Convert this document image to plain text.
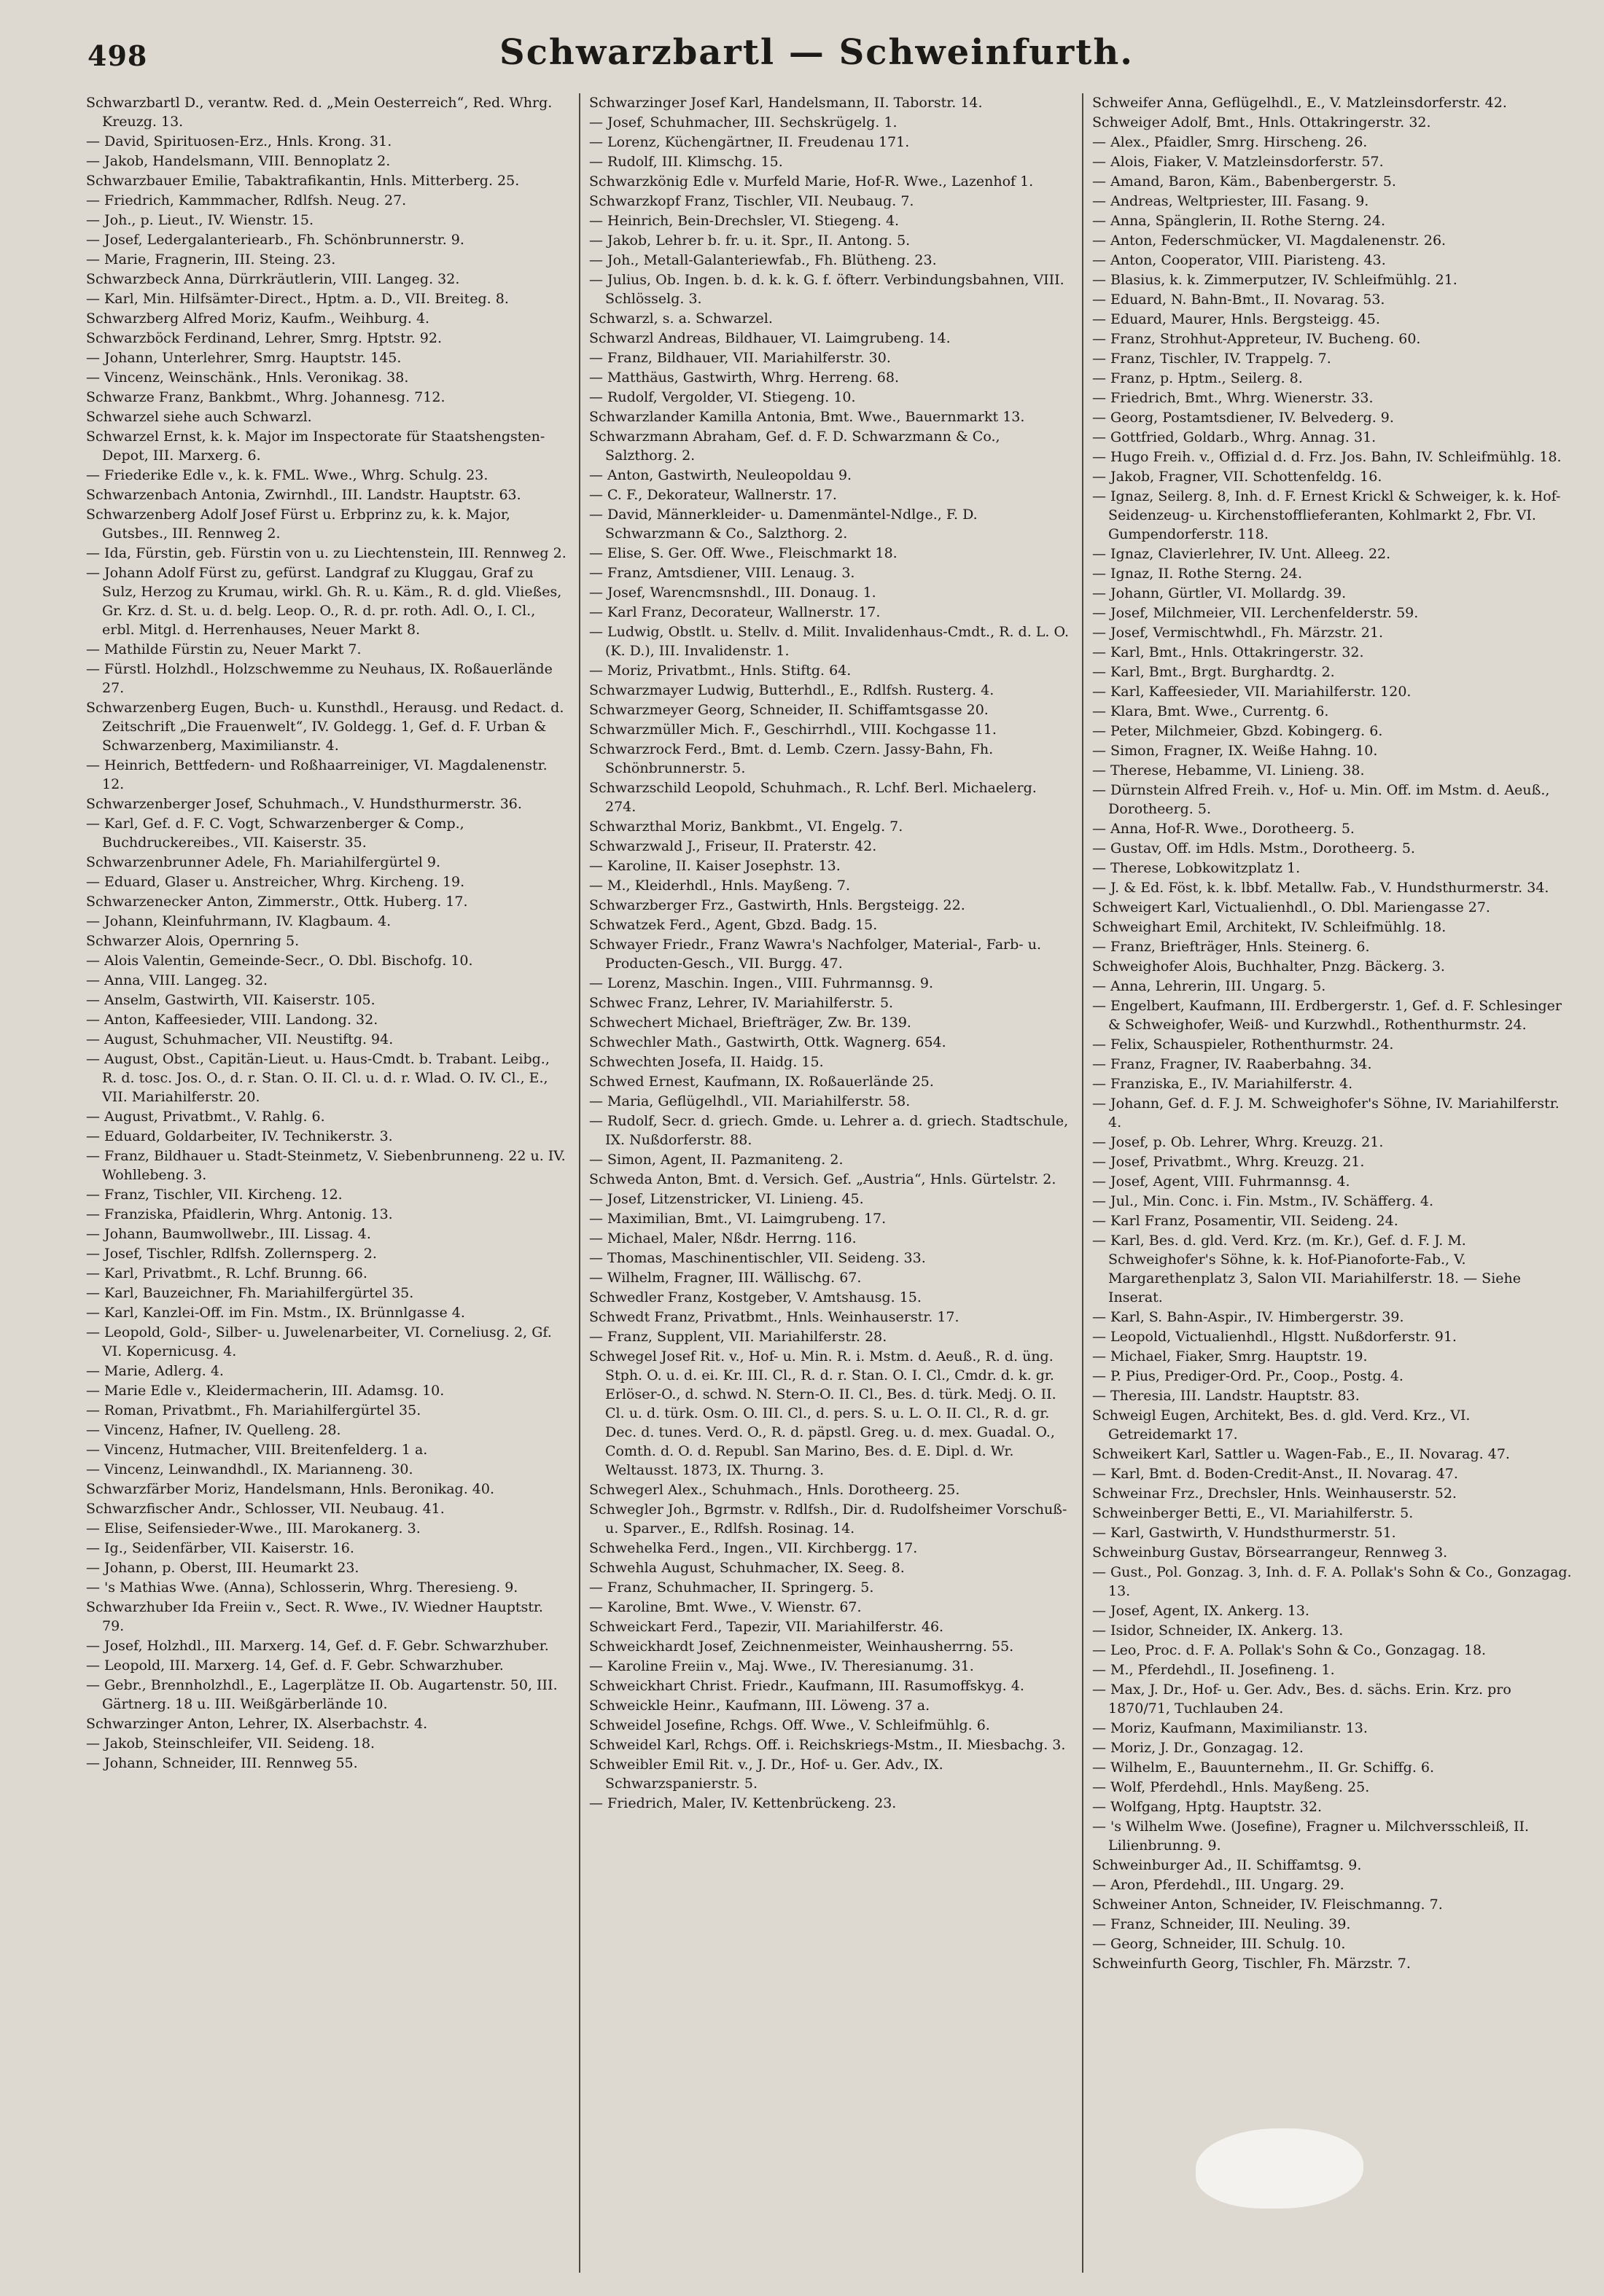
498	Schwarzbartl — Schweinfurth.

Schwarzbartl D., verantw. Red. d. „Mein Oesterreich“, Red. Whrg. Kreuzg. 13.

— David, Spirituosen-Erz., Hnls. Krong. 31.

— Jakob, Handelsmann, VIII. Bennoplatz 2.

Schwarzbauer Emilie, Tabaktrafikantin, Hnls. Mitterberg. 25.

— Friedrich, Kammmacher, Rdlfsh. Neug. 27.

— Joh., p. Lieut., IV. Wienstr. 15.

— Josef, Ledergalanteriearb., Fh. Schönbrunnerstr. 9.

— Marie, Fragnerin, III. Steing. 23.

Schwarzbeck Anna, Dürrkräutlerin, VIII. Langeg. 32.

— Karl, Min. Hilfsämter-Direct., Hptm. a. D., VII. Breiteg. 8.

Schwarzberg Alfred Moriz, Kaufm., Weihburg. 4.

Schwarzböck Ferdinand, Lehrer, Smrg. Hptstr. 92.

— Johann, Unterlehrer, Smrg. Hauptstr. 145.

— Vincenz, Weinschänk., Hnls. Veronikag. 38.

Schwarze Franz, Bankbmt., Whrg. Johannesg. 712.

Schwarzel siehe auch Schwarzl.

Schwarzel Ernst, k. k. Major im Inspectorate für Staatshengsten-Depot, III. Marxerg. 6.

— Friederike Edle v., k. k. FML. Wwe., Whrg. Schulg. 23.

Schwarzenbach Antonia, Zwirnhdl., III. Landstr. Hauptstr. 63.

Schwarzenberg Adolf Josef Fürst u. Erbprinz zu, k. k. Major, Gutsbes., III. Rennweg 2.

— Ida, Fürstin, geb. Fürstin von u. zu Liechtenstein, III. Rennweg 2.

— Johann Adolf Fürst zu, gefürst. Landgraf zu Kluggau, Graf zu Sulz, Herzog zu Krumau, wirkl. Gh. R. u. Käm., R. d. gld. Vließes, Gr. Krz. d. St. u. d. belg. Leop. O., R. d. pr. roth. Adl. O., I. Cl., erbl. Mitgl. d. Herrenhauses, Neuer Markt 8.

— Mathilde Fürstin zu, Neuer Markt 7.

— Fürstl. Holzhdl., Holzschwemme zu Neuhaus, IX. Roßauerlände 27.

Schwarzenberg Eugen, Buch- u. Kunsthdl., Herausg. und Redact. d. Zeitschrift „Die Frauenwelt“, IV. Goldegg. 1, Gef. d. F. Urban & Schwarzenberg, Maximilianstr. 4.

— Heinrich, Bettfedern- und Roßhaarreiniger, VI. Magdalenenstr. 12.

Schwarzenberger Josef, Schuhmach., V. Hundsthurmerstr. 36.

— Karl, Gef. d. F. C. Vogt, Schwarzenberger & Comp., Buchdruckereibes., VII. Kaiserstr. 35.

Schwarzenbrunner Adele, Fh. Mariahilfergürtel 9.

— Eduard, Glaser u. Anstreicher, Whrg. Kircheng. 19.

Schwarzenecker Anton, Zimmerstr., Ottk. Huberg. 17.

— Johann, Kleinfuhrmann, IV. Klagbaum. 4.

Schwarzer Alois, Opernring 5.

— Alois Valentin, Gemeinde-Secr., O. Dbl. Bischofg. 10.

— Anna, VIII. Langeg. 32.

— Anselm, Gastwirth, VII. Kaiserstr. 105.

— Anton, Kaffeesieder, VIII. Landong. 32.

— August, Schuhmacher, VII. Neustiftg. 94.

— August, Obst., Capitän-Lieut. u. Haus-Cmdt. b. Trabant. Leibg., R. d. tosc. Jos. O., d. r. Stan. O. II. Cl. u. d. r. Wlad. O. IV. Cl., E., VII. Mariahilferstr. 20.

— August, Privatbmt., V. Rahlg. 6.

— Eduard, Goldarbeiter, IV. Technikerstr. 3.

— Franz, Bildhauer u. Stadt-Steinmetz, V. Siebenbrunneng. 22 u. IV. Wohllebeng. 3.

— Franz, Tischler, VII. Kircheng. 12.

— Franziska, Pfaidlerin, Whrg. Antonig. 13.

— Johann, Baumwollwebr., III. Lissag. 4.

— Josef, Tischler, Rdlfsh. Zollernsperg. 2.

— Karl, Privatbmt., R. Lchf. Brunng. 66.

— Karl, Bauzeichner, Fh. Mariahilfergürtel 35.

— Karl, Kanzlei-Off. im Fin. Mstm., IX. Brünnlgasse 4.

— Leopold, Gold-, Silber- u. Juwelenarbeiter, VI. Corneliusg. 2, Gf. VI. Kopernicusg. 4.

— Marie, Adlerg. 4.

— Marie Edle v., Kleidermacherin, III. Adamsg. 10.

— Roman, Privatbmt., Fh. Mariahilfergürtel 35.

— Vincenz, Hafner, IV. Quelleng. 28.

— Vincenz, Hutmacher, VIII. Breitenfelderg. 1 a.

— Vincenz, Leinwandhdl., IX. Marianneng. 30.

Schwarzfärber Moriz, Handelsmann, Hnls. Beronikag. 40.

Schwarzfischer Andr., Schlosser, VII. Neubaug. 41.

— Elise, Seifensieder-Wwe., III. Marokanerg. 3.

— Ig., Seidenfärber, VII. Kaiserstr. 16.

— Johann, p. Oberst, III. Heumarkt 23.

— 's Mathias Wwe. (Anna), Schlosserin, Whrg. Theresieng. 9.

Schwarzhuber Ida Freiin v., Sect. R. Wwe., IV. Wiedner Hauptstr. 79.

— Josef, Holzhdl., III. Marxerg. 14, Gef. d. F. Gebr. Schwarzhuber.

— Leopold, III. Marxerg. 14, Gef. d. F. Gebr. Schwarzhuber.

— Gebr., Brennholzhdl., E., Lagerplätze II. Ob. Augartenstr. 50, III. Gärtnerg. 18 u. III. Weißgärberlände 10.

Schwarzinger Anton, Lehrer, IX. Alserbachstr. 4.

— Jakob, Steinschleifer, VII. Seideng. 18.

— Johann, Schneider, III. Rennweg 55.

Schwarzinger Josef Karl, Handelsmann, II. Taborstr. 14.

— Josef, Schuhmacher, III. Sechskrügelg. 1.

— Lorenz, Küchengärtner, II. Freudenau 171.

— Rudolf, III. Klimschg. 15.

Schwarzkönig Edle v. Murfeld Marie, Hof-R. Wwe., Lazenhof 1.

Schwarzkopf Franz, Tischler, VII. Neubaug. 7.

— Heinrich, Bein-Drechsler, VI. Stiegeng. 4.

— Jakob, Lehrer b. fr. u. it. Spr., II. Antong. 5.

— Joh., Metall-Galanteriewfab., Fh. Blütheng. 23.

— Julius, Ob. Ingen. b. d. k. k. G. f. öfterr. Verbindungsbahnen, VIII. Schlösselg. 3.

Schwarzl, s. a. Schwarzel.

Schwarzl Andreas, Bildhauer, VI. Laimgrubeng. 14.

— Franz, Bildhauer, VII. Mariahilferstr. 30.

— Matthäus, Gastwirth, Whrg. Herreng. 68.

— Rudolf, Vergolder, VI. Stiegeng. 10.

Schwarzlander Kamilla Antonia, Bmt. Wwe., Bauernmarkt 13.

Schwarzmann Abraham, Gef. d. F. D. Schwarzmann & Co., Salzthorg. 2.

— Anton, Gastwirth, Neuleopoldau 9.

— C. F., Dekorateur, Wallnerstr. 17.

— David, Männerkleider- u. Damenmäntel-Ndlge., F. D. Schwarzmann & Co., Salzthorg. 2.

— Elise, S. Ger. Off. Wwe., Fleischmarkt 18.

— Franz, Amtsdiener, VIII. Lenaug. 3.

— Josef, Warencmsnshdl., III. Donaug. 1.

— Karl Franz, Decorateur, Wallnerstr. 17.

— Ludwig, Obstlt. u. Stellv. d. Milit. Invalidenhaus-Cmdt., R. d. L. O. (K. D.), III. Invalidenstr. 1.

— Moriz, Privatbmt., Hnls. Stiftg. 64.

Schwarzmayer Ludwig, Butterhdl., E., Rdlfsh. Rusterg. 4.

Schwarzmeyer Georg, Schneider, II. Schiffamtsgasse 20.

Schwarzmüller Mich. F., Geschirrhdl., VIII. Kochgasse 11.

Schwarzrock Ferd., Bmt. d. Lemb. Czern. Jassy-Bahn, Fh. Schönbrunnerstr. 5.

Schwarzschild Leopold, Schuhmach., R. Lchf. Berl. Michaelerg. 274.

Schwarzthal Moriz, Bankbmt., VI. Engelg. 7.

Schwarzwald J., Friseur, II. Praterstr. 42.

— Karoline, II. Kaiser Josephstr. 13.

— M., Kleiderhdl., Hnls. Mayßeng. 7.

Schwarzberger Frz., Gastwirth, Hnls. Bergsteigg. 22.

Schwatzek Ferd., Agent, Gbzd. Badg. 15.

Schwayer Friedr., Franz Wawra's Nachfolger, Material-, Farb- u. Producten-Gesch., VII. Burgg. 47.

— Lorenz, Maschin. Ingen., VIII. Fuhrmannsg. 9.

Schwec Franz, Lehrer, IV. Mariahilferstr. 5.

Schwechert Michael, Briefträger, Zw. Br. 139.

Schwechler Math., Gastwirth, Ottk. Wagnerg. 654.

Schwechten Josefa, II. Haidg. 15.

Schwed Ernest, Kaufmann, IX. Roßauerlände 25.

— Maria, Geflügelhdl., VII. Mariahilferstr. 58.

— Rudolf, Secr. d. griech. Gmde. u. Lehrer a. d. griech. Stadtschule, IX. Nußdorferstr. 88.

— Simon, Agent, II. Pazmaniteng. 2.

Schweda Anton, Bmt. d. Versich. Gef. „Austria“, Hnls. Gürtelstr. 2.

— Josef, Litzenstricker, VI. Linieng. 45.

— Maximilian, Bmt., VI. Laimgrubeng. 17.

— Michael, Maler, Nßdr. Herrng. 116.

— Thomas, Maschinentischler, VII. Seideng. 33.

— Wilhelm, Fragner, III. Wällischg. 67.

Schwedler Franz, Kostgeber, V. Amtshausg. 15.

Schwedt Franz, Privatbmt., Hnls. Weinhauserstr. 17.

— Franz, Supplent, VII. Mariahilferstr. 28.

Schwegel Josef Rit. v., Hof- u. Min. R. i. Mstm. d. Aeuß., R. d. üng. Stph. O. u. d. ei. Kr. III. Cl., R. d. r. Stan. O. I. Cl., Cmdr. d. k. gr. Erlöser-O., d. schwd. N. Stern-O. II. Cl., Bes. d. türk. Medj. O. II. Cl. u. d. türk. Osm. O. III. Cl., d. pers. S. u. L. O. II. Cl., R. d. gr. Dec. d. tunes. Verd. O., R. d. päpstl. Greg. u. d. mex. Guadal. O., Comth. d. O. d. Republ. San Marino, Bes. d. E. Dipl. d. Wr. Weltausst. 1873, IX. Thurng. 3.

Schwegerl Alex., Schuhmach., Hnls. Dorotheerg. 25.

Schwegler Joh., Bgrmstr. v. Rdlfsh., Dir. d. Rudolfsheimer Vorschuß- u. Sparver., E., Rdlfsh. Rosinag. 14.

Schwehelka Ferd., Ingen., VII. Kirchbergg. 17.

Schwehla August, Schuhmacher, IX. Seeg. 8.

— Franz, Schuhmacher, II. Springerg. 5.

— Karoline, Bmt. Wwe., V. Wienstr. 67.

Schweickart Ferd., Tapezir, VII. Mariahilferstr. 46.

Schweickhardt Josef, Zeichnenmeister, Weinhausherrng. 55.

— Karoline Freiin v., Maj. Wwe., IV. Theresianumg. 31.

Schweickhart Christ. Friedr., Kaufmann, III. Rasumoffskyg. 4.

Schweickle Heinr., Kaufmann, III. Löweng. 37 a.

Schweidel Josefine, Rchgs. Off. Wwe., V. Schleifmühlg. 6.

Schweidel Karl, Rchgs. Off. i. Reichskriegs-Mstm., II. Miesbachg. 3.

Schweibler Emil Rit. v., J. Dr., Hof- u. Ger. Adv., IX. Schwarzspanierstr. 5.

— Friedrich, Maler, IV. Kettenbrückeng. 23.

Schweifer Anna, Geflügelhdl., E., V. Matzleinsdorferstr. 42.

Schweiger Adolf, Bmt., Hnls. Ottakringerstr. 32.

— Alex., Pfaidler, Smrg. Hirscheng. 26.

— Alois, Fiaker, V. Matzleinsdorferstr. 57.

— Amand, Baron, Käm., Babenbergerstr. 5.

— Andreas, Weltpriester, III. Fasang. 9.

— Anna, Spänglerin, II. Rothe Sterng. 24.

— Anton, Federschmücker, VI. Magdalenenstr. 26.

— Anton, Cooperator, VIII. Piaristeng. 43.

— Blasius, k. k. Zimmerputzer, IV. Schleifmühlg. 21.

— Eduard, N. Bahn-Bmt., II. Novarag. 53.

— Eduard, Maurer, Hnls. Bergsteigg. 45.

— Franz, Strohhut-Appreteur, IV. Bucheng. 60.

— Franz, Tischler, IV. Trappelg. 7.

— Franz, p. Hptm., Seilerg. 8.

— Friedrich, Bmt., Whrg. Wienerstr. 33.

— Georg, Postamtsdiener, IV. Belvederg. 9.

— Gottfried, Goldarb., Whrg. Annag. 31.

— Hugo Freih. v., Offizial d. d. Frz. Jos. Bahn, IV. Schleifmühlg. 18.

— Jakob, Fragner, VII. Schottenfeldg. 16.

— Ignaz, Seilerg. 8, Inh. d. F. Ernest Krickl & Schweiger, k. k. Hof-Seidenzeug- u. Kirchenstofflieferanten, Kohlmarkt 2, Fbr. VI. Gumpendorferstr. 118.

— Ignaz, Clavierlehrer, IV. Unt. Alleeg. 22.

— Ignaz, II. Rothe Sterng. 24.

— Johann, Gürtler, VI. Mollardg. 39.

— Josef, Milchmeier, VII. Lerchenfelderstr. 59.

— Josef, Vermischtwhdl., Fh. Märzstr. 21.

— Karl, Bmt., Hnls. Ottakringerstr. 32.

— Karl, Bmt., Brgt. Burghardtg. 2.

— Karl, Kaffeesieder, VII. Mariahilferstr. 120.

— Klara, Bmt. Wwe., Currentg. 6.

— Peter, Milchmeier, Gbzd. Kobingerg. 6.

— Simon, Fragner, IX. Weiße Hahng. 10.

— Therese, Hebamme, VI. Linieng. 38.

— Dürnstein Alfred Freih. v., Hof- u. Min. Off. im Mstm. d. Aeuß., Dorotheerg. 5.

— Anna, Hof-R. Wwe., Dorotheerg. 5.

— Gustav, Off. im Hdls. Mstm., Dorotheerg. 5.

— Therese, Lobkowitzplatz 1.

— J. & Ed. Föst, k. k. lbbf. Metallw. Fab., V. Hundsthurmerstr. 34.

Schweigert Karl, Victualienhdl., O. Dbl. Mariengasse 27.

Schweighart Emil, Architekt, IV. Schleifmühlg. 18.

— Franz, Briefträger, Hnls. Steinerg. 6.

Schweighofer Alois, Buchhalter, Pnzg. Bäckerg. 3.

— Anna, Lehrerin, III. Ungarg. 5.

— Engelbert, Kaufmann, III. Erdbergerstr. 1, Gef. d. F. Schlesinger & Schweighofer, Weiß- und Kurzwhdl., Rothenthurmstr. 24.

— Felix, Schauspieler, Rothenthurmstr. 24.

— Franz, Fragner, IV. Raaberbahng. 34.

— Franziska, E., IV. Mariahilferstr. 4.

— Johann, Gef. d. F. J. M. Schweighofer's Söhne, IV. Mariahilferstr. 4.

— Josef, p. Ob. Lehrer, Whrg. Kreuzg. 21.

— Josef, Privatbmt., Whrg. Kreuzg. 21.

— Josef, Agent, VIII. Fuhrmannsg. 4.

— Jul., Min. Conc. i. Fin. Mstm., IV. Schäfferg. 4.

— Karl Franz, Posamentir, VII. Seideng. 24.

— Karl, Bes. d. gld. Verd. Krz. (m. Kr.), Gef. d. F. J. M. Schweighofer's Söhne, k. k. Hof-Pianoforte-Fab., V. Margarethenplatz 3, Salon VII. Mariahilferstr. 18. — Siehe Inserat.

— Karl, S. Bahn-Aspir., IV. Himbergerstr. 39.

— Leopold, Victualienhdl., Hlgstt. Nußdorferstr. 91.

— Michael, Fiaker, Smrg. Hauptstr. 19.

— P. Pius, Prediger-Ord. Pr., Coop., Postg. 4.

— Theresia, III. Landstr. Hauptstr. 83.

Schweigl Eugen, Architekt, Bes. d. gld. Verd. Krz., VI. Getreidemarkt 17.

Schweikert Karl, Sattler u. Wagen-Fab., E., II. Novarag. 47.

— Karl, Bmt. d. Boden-Credit-Anst., II. Novarag. 47.

Schweinar Frz., Drechsler, Hnls. Weinhauserstr. 52.

Schweinberger Betti, E., VI. Mariahilferstr. 5.

— Karl, Gastwirth, V. Hundsthurmerstr. 51.

Schweinburg Gustav, Börsearrangeur, Rennweg 3.

— Gust., Pol. Gonzag. 3, Inh. d. F. A. Pollak's Sohn & Co., Gonzagag. 13.

— Josef, Agent, IX. Ankerg. 13.

— Isidor, Schneider, IX. Ankerg. 13.

— Leo, Proc. d. F. A. Pollak's Sohn & Co., Gonzagag. 18.

— M., Pferdehdl., II. Josefineng. 1.

— Max, J. Dr., Hof- u. Ger. Adv., Bes. d. sächs. Erin. Krz. pro 1870/71, Tuchlauben 24.

— Moriz, Kaufmann, Maximilianstr. 13.

— Moriz, J. Dr., Gonzagag. 12.

— Wilhelm, E., Bauunternehm., II. Gr. Schiffg. 6.

— Wolf, Pferdehdl., Hnls. Mayßeng. 25.

— Wolfgang, Hptg. Hauptstr. 32.

— 's Wilhelm Wwe. (Josefine), Fragner u. Milchversschleiß, II. Lilienbrunng. 9.

Schweinburger Ad., II. Schiffamtsg. 9.

— Aron, Pferdehdl., III. Ungarg. 29.

Schweiner Anton, Schneider, IV. Fleischmanng. 7.

— Franz, Schneider, III. Neuling. 39.

— Georg, Schneider, III. Schulg. 10.

Schweinfurth Georg, Tischler, Fh. Märzstr. 7.
